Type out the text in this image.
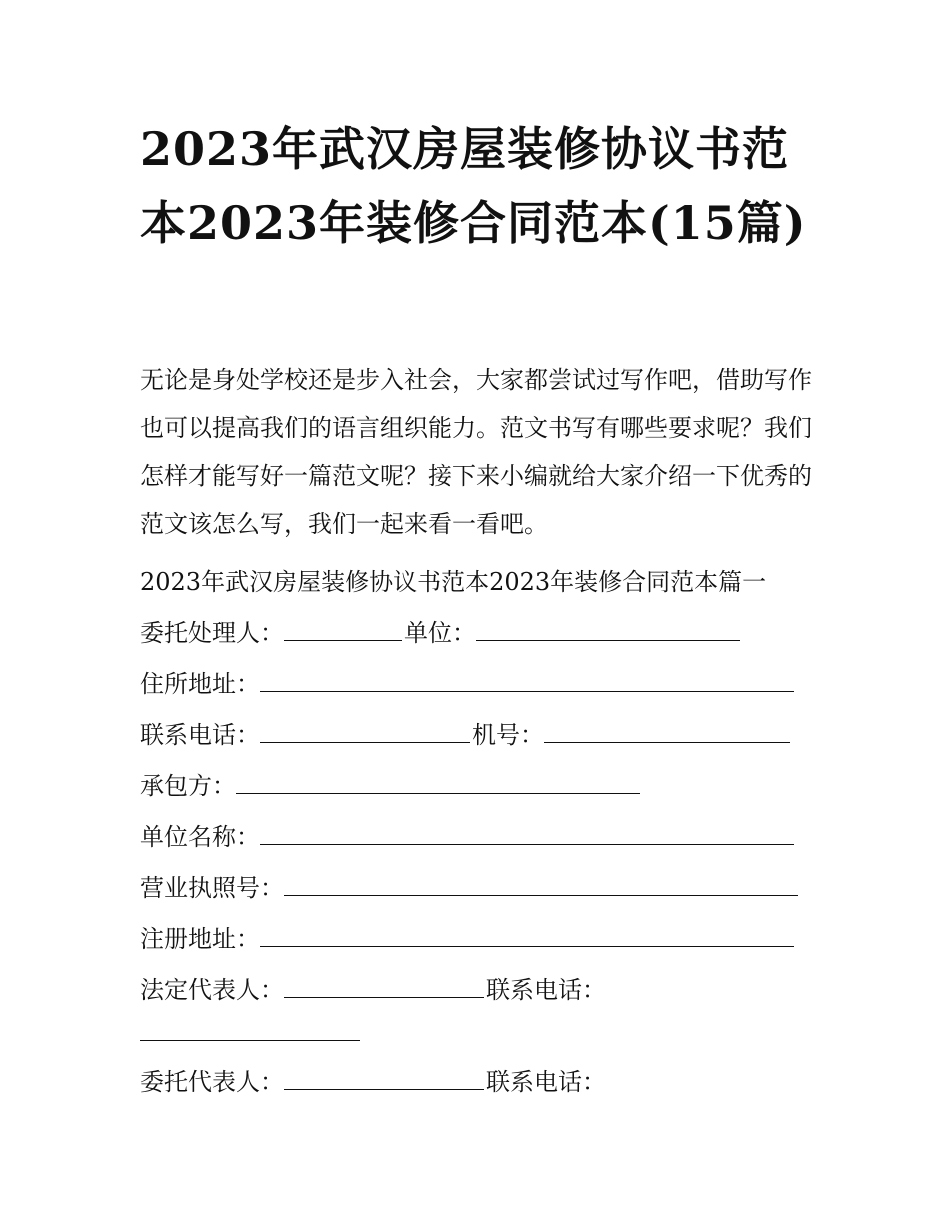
2023年武汉房屋装修协议书范本2023年装修合同范本(15篇)

无论是身处学校还是步入社会，大家都尝试过写作吧，借助写作也可以提高我们的语言组织能力。范文书写有哪些要求呢？我们怎样才能写好一篇范文呢？接下来小编就给大家介绍一下优秀的范文该怎么写，我们一起来看一看吧。

2023年武汉房屋装修协议书范本2023年装修合同范本篇一
委托处理人：	单位：
住所地址：
联系电话：	机号：
承包方：
单位名称：
营业执照号：
注册地址：
法定代表人：	联系电话：
委托代表人：	联系电话：
